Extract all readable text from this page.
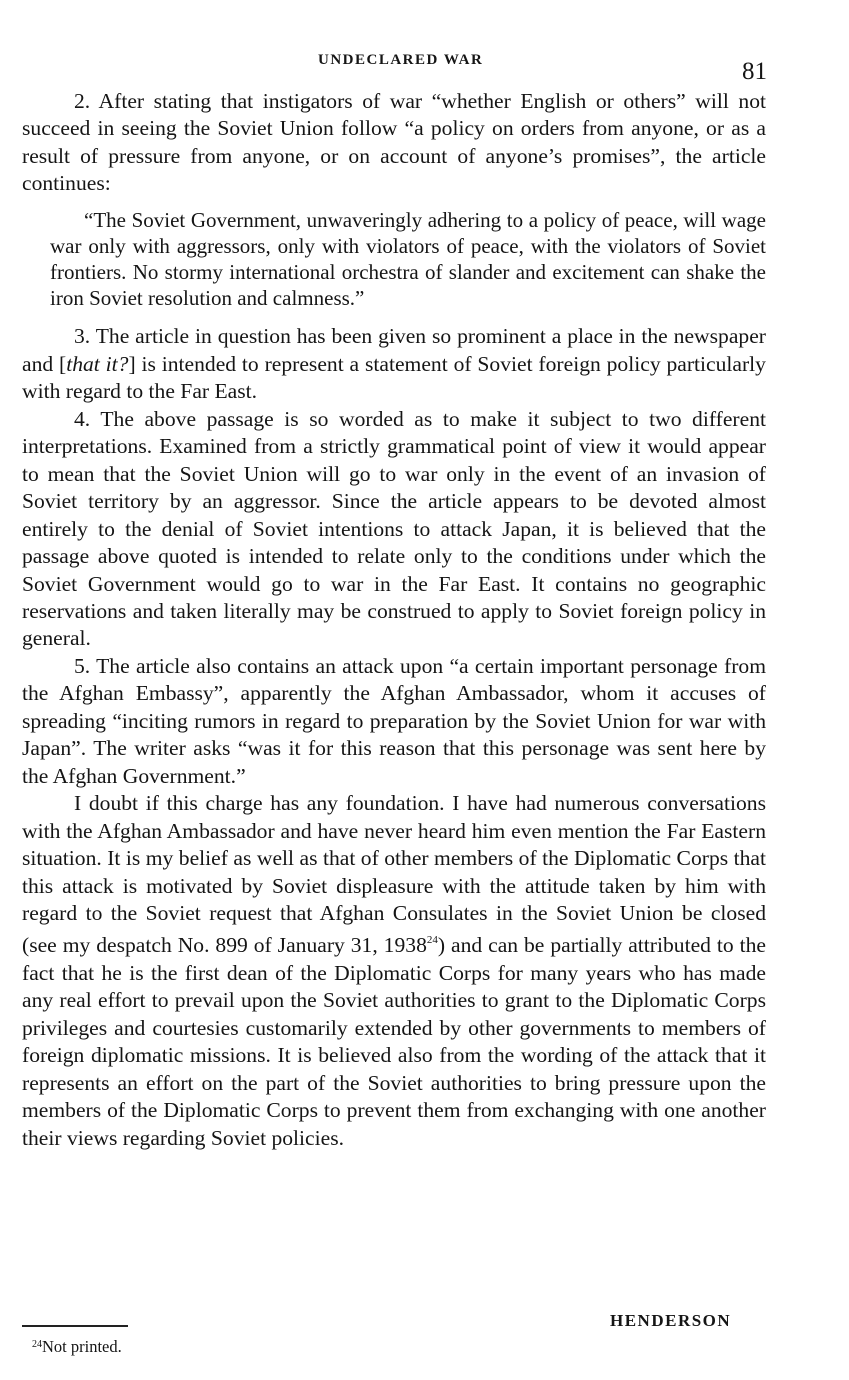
UNDECLARED WAR	81

2. After stating that instigators of war “whether English or others” will not succeed in seeing the Soviet Union follow “a policy on orders from anyone, or as a result of pressure from anyone, or on account of anyone’s promises”, the article continues:

“The Soviet Government, unwaveringly adhering to a policy of peace, will wage war only with aggressors, only with violators of peace, with the violators of Soviet frontiers. No stormy international orchestra of slander and excitement can shake the iron Soviet resolution and calmness.”

3. The article in question has been given so prominent a place in the newspaper and [that it?] is intended to represent a statement of Soviet foreign policy particularly with regard to the Far East.

4. The above passage is so worded as to make it subject to two different interpretations. Examined from a strictly grammatical point of view it would appear to mean that the Soviet Union will go to war only in the event of an invasion of Soviet territory by an aggressor. Since the article appears to be devoted almost entirely to the denial of Soviet intentions to attack Japan, it is believed that the passage above quoted is intended to relate only to the conditions under which the Soviet Government would go to war in the Far East. It contains no geographic reservations and taken literally may be construed to apply to Soviet foreign policy in general.

5. The article also contains an attack upon “a certain important personage from the Afghan Embassy”, apparently the Afghan Ambassador, whom it accuses of spreading “inciting rumors in regard to preparation by the Soviet Union for war with Japan”. The writer asks “was it for this reason that this personage was sent here by the Afghan Government.”

I doubt if this charge has any foundation. I have had numerous conversations with the Afghan Ambassador and have never heard him even mention the Far Eastern situation. It is my belief as well as that of other members of the Diplomatic Corps that this attack is motivated by Soviet displeasure with the attitude taken by him with regard to the Soviet request that Afghan Consulates in the Soviet Union be closed (see my despatch No. 899 of January 31, 1938$^{24}$) and can be partially attributed to the fact that he is the first dean of the Diplomatic Corps for many years who has made any real effort to prevail upon the Soviet authorities to grant to the Diplomatic Corps privileges and courtesies customarily extended by other governments to members of foreign diplomatic missions. It is believed also from the wording of the attack that it represents an effort on the part of the Soviet authorities to bring pressure upon the members of the Diplomatic Corps to prevent them from exchanging with one another their views regarding Soviet policies.

HENDERSON
$^{24}$Not printed.
